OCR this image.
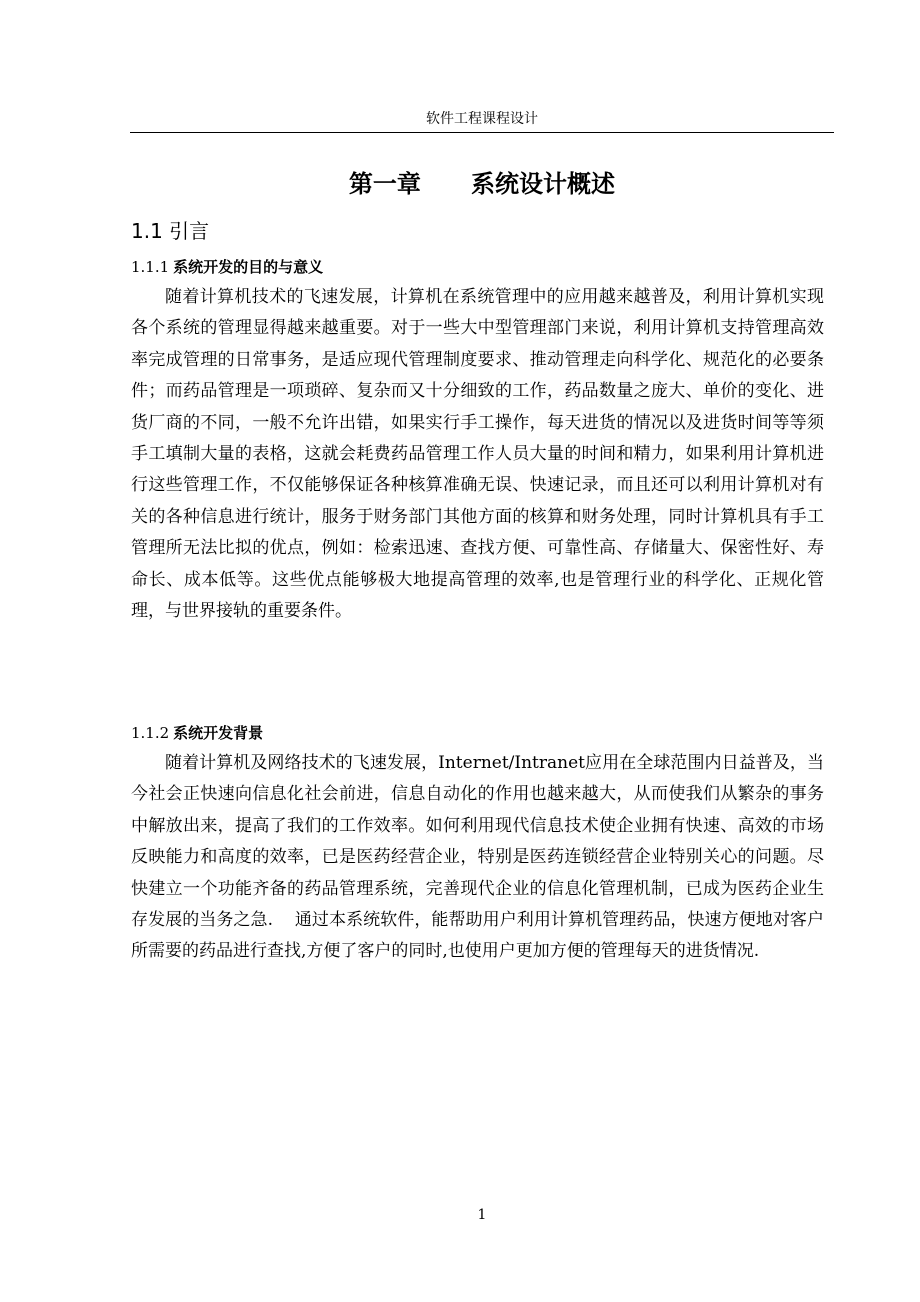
软件工程课程设计
第一章      系统设计概述
1.1 引言
1.1.1 系统开发的目的与意义
随着计算机技术的飞速发展，计算机在系统管理中的应用越来越普及，利用计算机实现各个系统的管理显得越来越重要。对于一些大中型管理部门来说，利用计算机支持管理高效率完成管理的日常事务，是适应现代管理制度要求、推动管理走向科学化、规范化的必要条件；而药品管理是一项琐碎、复杂而又十分细致的工作，药品数量之庞大、单价的变化、进货厂商的不同，一般不允许出错，如果实行手工操作，每天进货的情况以及进货时间等等须手工填制大量的表格，这就会耗费药品管理工作人员大量的时间和精力，如果利用计算机进行这些管理工作，不仅能够保证各种核算准确无误、快速记录，而且还可以利用计算机对有关的各种信息进行统计，服务于财务部门其他方面的核算和财务处理，同时计算机具有手工管理所无法比拟的优点，例如：检索迅速、查找方便、可靠性高、存储量大、保密性好、寿命长、成本低等。这些优点能够极大地提高管理的效率,也是管理行业的科学化、正规化管理，与世界接轨的重要条件。
1.1.2 系统开发背景
随着计算机及网络技术的飞速发展，Internet/Intranet应用在全球范围内日益普及，当今社会正快速向信息化社会前进，信息自动化的作用也越来越大，从而使我们从繁杂的事务中解放出来，提高了我们的工作效率。如何利用现代信息技术使企业拥有快速、高效的市场反映能力和高度的效率，已是医药经营企业，特别是医药连锁经营企业特别关心的问题。尽快建立一个功能齐备的药品管理系统，完善现代企业的信息化管理机制，已成为医药企业生存发展的当务之急.    通过本系统软件，能帮助用户利用计算机管理药品，快速方便地对客户所需要的药品进行查找,方便了客户的同时,也使用户更加方便的管理每天的进货情况.
1
